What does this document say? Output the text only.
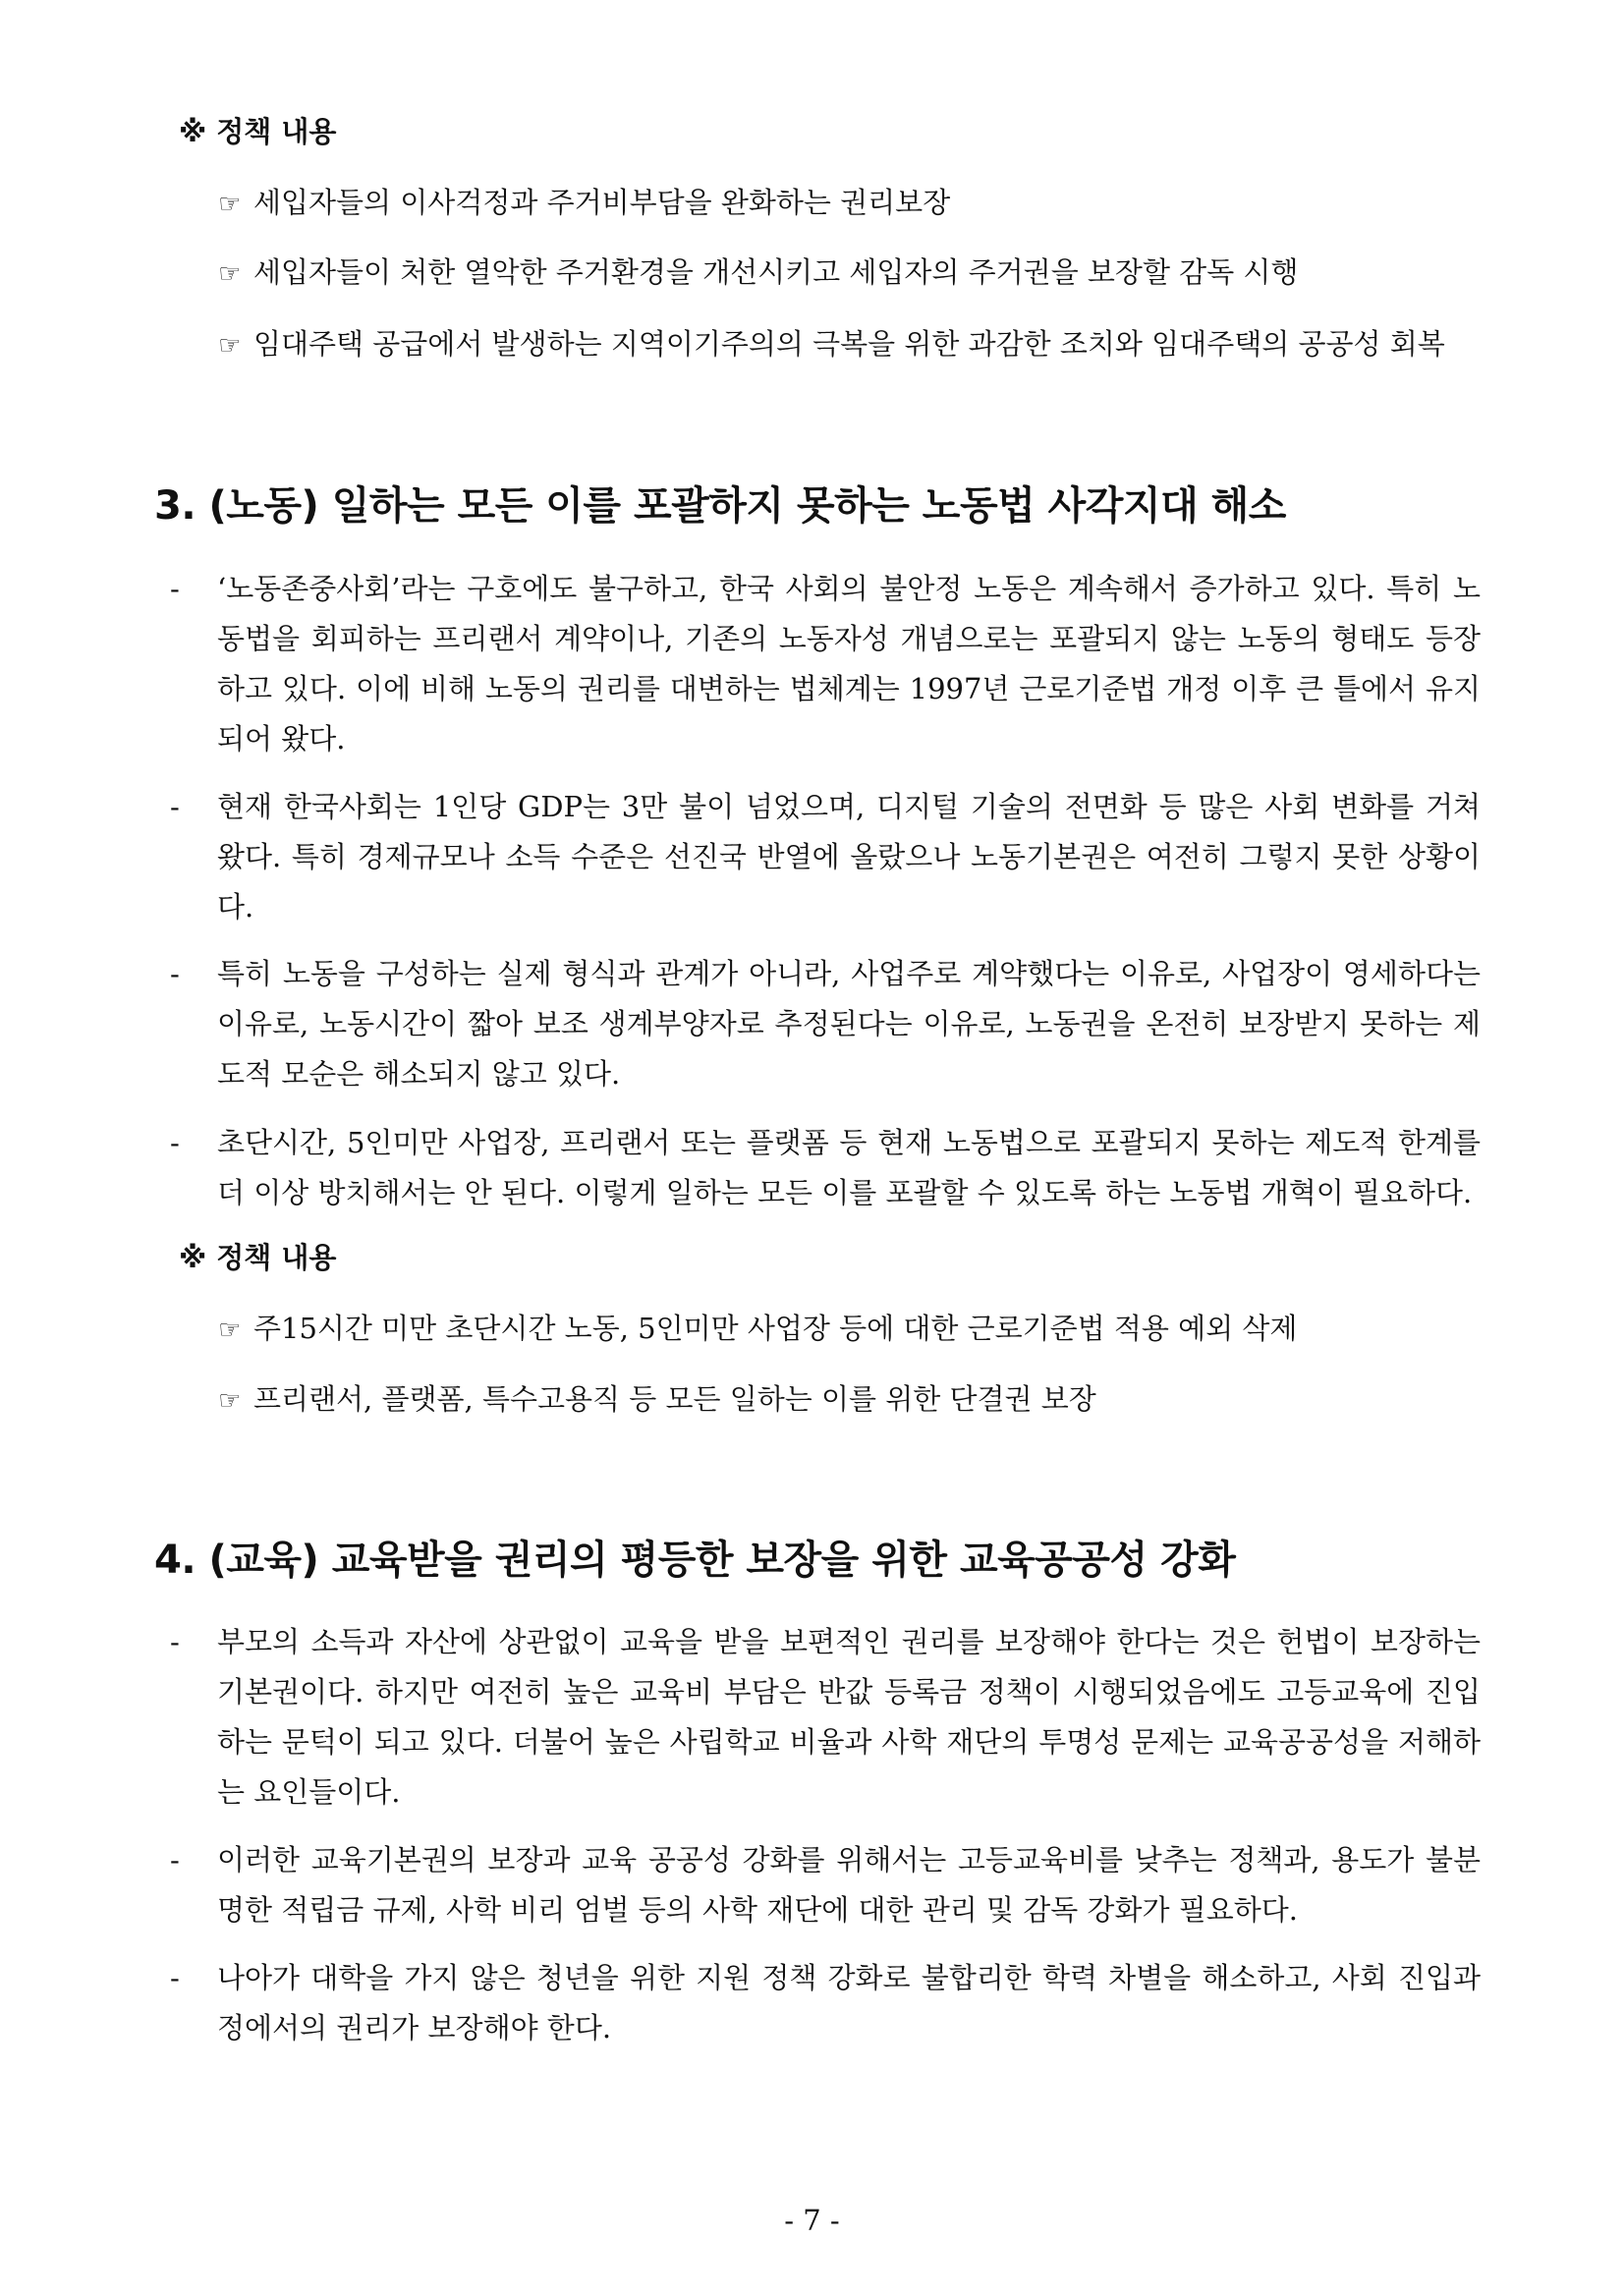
※ 정책 내용
☞ 세입자들의 이사걱정과 주거비부담을 완화하는 권리보장
☞ 세입자들이 처한 열악한 주거환경을 개선시키고 세입자의 주거권을 보장할 감독 시행
☞ 임대주택 공급에서 발생하는 지역이기주의의 극복을 위한 과감한 조치와 임대주택의 공공성 회복
3. (노동) 일하는 모든 이를 포괄하지 못하는 노동법 사각지대 해소
- ‘노동존중사회’라는 구호에도 불구하고, 한국 사회의 불안정 노동은 계속해서 증가하고 있다. 특히 노동법을 회피하는 프리랜서 계약이나, 기존의 노동자성 개념으로는 포괄되지 않는 노동의 형태도 등장하고 있다. 이에 비해 노동의 권리를 대변하는 법체계는 1997년 근로기준법 개정 이후 큰 틀에서 유지되어 왔다.
- 현재 한국사회는 1인당 GDP는 3만 불이 넘었으며, 디지털 기술의 전면화 등 많은 사회 변화를 거쳐 왔다. 특히 경제규모나 소득 수준은 선진국 반열에 올랐으나 노동기본권은 여전히 그렇지 못한 상황이다.
- 특히 노동을 구성하는 실제 형식과 관계가 아니라, 사업주로 계약했다는 이유로, 사업장이 영세하다는 이유로, 노동시간이 짧아 보조 생계부양자로 추정된다는 이유로, 노동권을 온전히 보장받지 못하는 제도적 모순은 해소되지 않고 있다.
- 초단시간, 5인미만 사업장, 프리랜서 또는 플랫폼 등 현재 노동법으로 포괄되지 못하는 제도적 한계를 더 이상 방치해서는 안 된다. 이렇게 일하는 모든 이를 포괄할 수 있도록 하는 노동법 개혁이 필요하다.
※ 정책 내용
☞ 주15시간 미만 초단시간 노동, 5인미만 사업장 등에 대한 근로기준법 적용 예외 삭제
☞ 프리랜서, 플랫폼, 특수고용직 등 모든 일하는 이를 위한 단결권 보장
4. (교육) 교육받을 권리의 평등한 보장을 위한 교육공공성 강화
- 부모의 소득과 자산에 상관없이 교육을 받을 보편적인 권리를 보장해야 한다는 것은 헌법이 보장하는 기본권이다. 하지만 여전히 높은 교육비 부담은 반값 등록금 정책이 시행되었음에도 고등교육에 진입하는 문턱이 되고 있다. 더불어 높은 사립학교 비율과 사학 재단의 투명성 문제는 교육공공성을 저해하는 요인들이다.
- 이러한 교육기본권의 보장과 교육 공공성 강화를 위해서는 고등교육비를 낮추는 정책과, 용도가 불분명한 적립금 규제, 사학 비리 엄벌 등의 사학 재단에 대한 관리 및 감독 강화가 필요하다.
- 나아가 대학을 가지 않은 청년을 위한 지원 정책 강화로 불합리한 학력 차별을 해소하고, 사회 진입과정에서의 권리가 보장해야 한다.
- 7 -
